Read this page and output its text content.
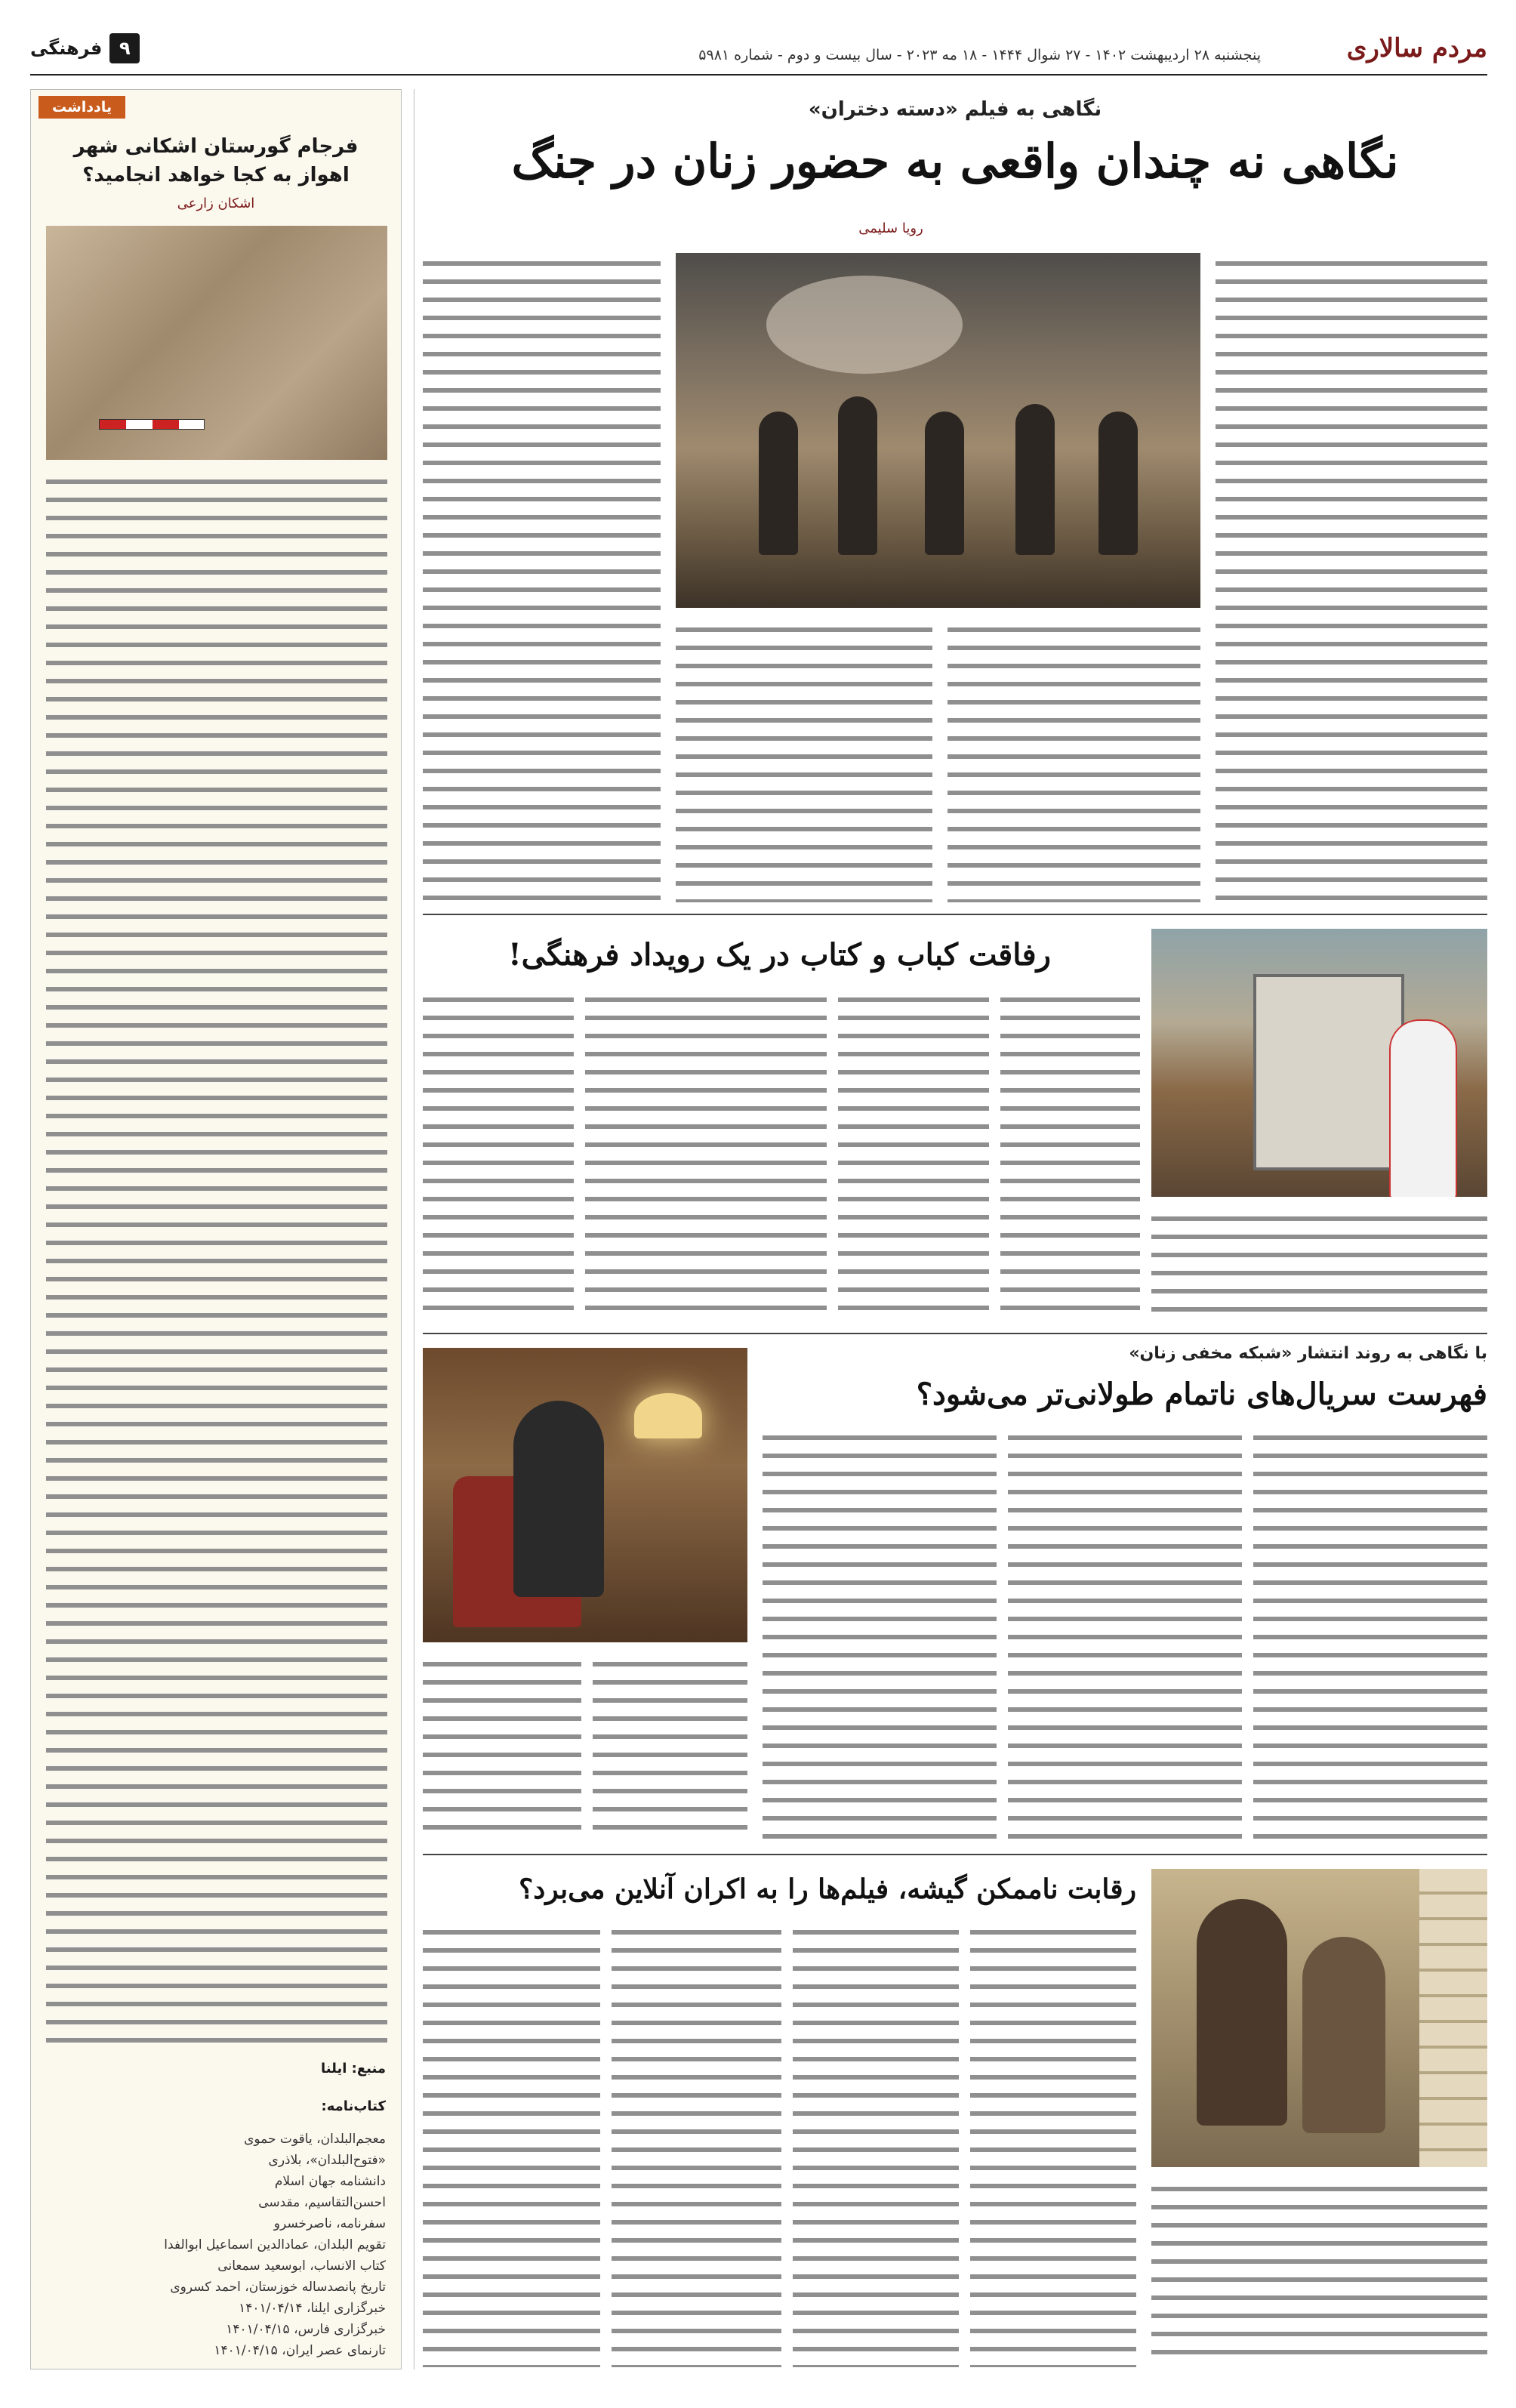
مردم سالاری
پنجشنبه ۲۸ اردیبهشت ۱۴۰۲ - ۲۷ شوال ۱۴۴۴ - ۱۸ مه ۲۰۲۳ - سال بیست و دوم - شماره ۵۹۸۱
۹
فرهنگی
یادداشت
فرجام گورستان اشکانی شهر اهواز به کجا خواهد انجامید؟
اشکان زارعی
منبع: ایلنا
کتاب‌نامه:
معجم‌البلدان، یاقوت حموی
«فتوح‌البلدان»، بلاذری
دانشنامه جهان اسلام
احسن‌التقاسیم، مقدسی
سفرنامه، ناصرخسرو
تقویم البلدان، عمادالدین اسماعیل ابوالفدا
کتاب الانساب، ابوسعید سمعانی
تاریخ پانصدساله خوزستان، احمد کسروی
خبرگزاری ایلنا، ۱۴۰۱/۰۴/۱۴
خبرگزاری فارس، ۱۴۰۱/۰۴/۱۵
تارنمای عصر ایران، ۱۴۰۱/۰۴/۱۵
نگاهی به فیلم «دسته دختران»
نگاهی نه چندان واقعی به حضور زنان در جنگ
رویا سلیمی
رفاقت کباب و کتاب در یک رویداد فرهنگی!
با نگاهی به روند انتشار «شبکه مخفی زنان»
فهرست سریال‌های ناتمام طولانی‌تر می‌شود؟
رقابت ناممکن گیشه، فیلم‌ها را به اکران آنلاین می‌برد؟
